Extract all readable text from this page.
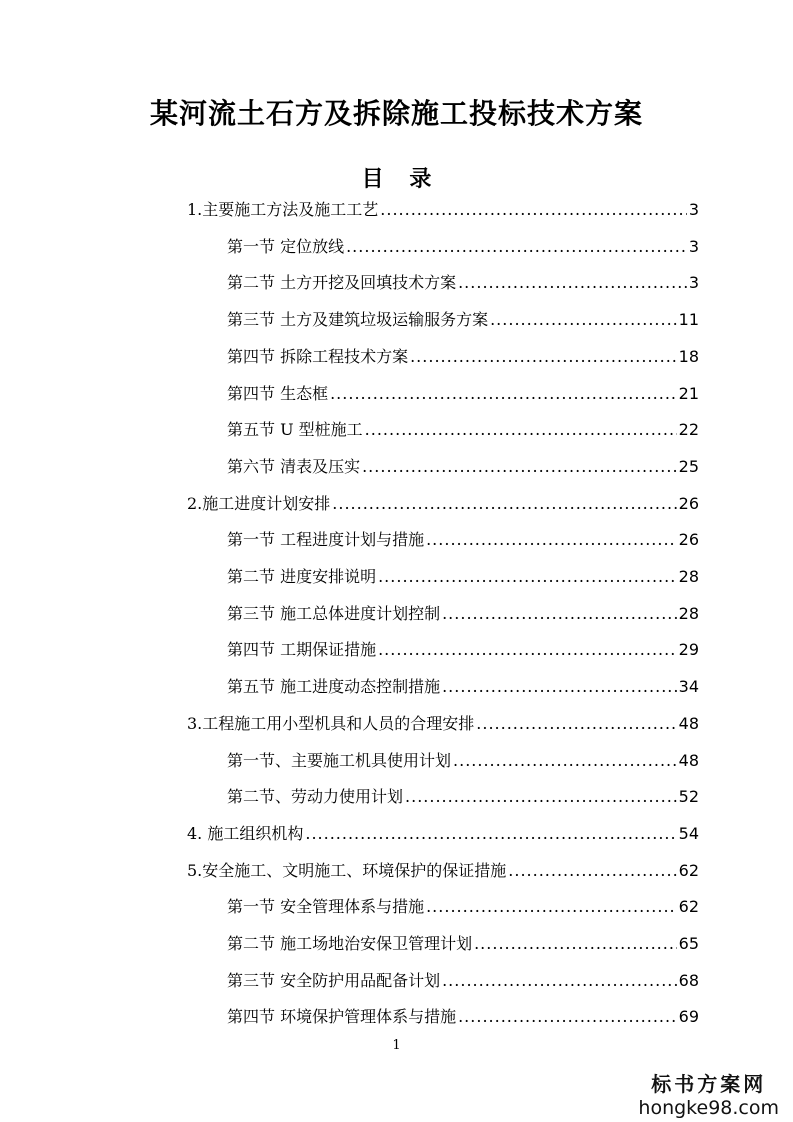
某河流土石方及拆除施工投标技术方案
目 录
1.主要施工方法及施工工艺 .....	3
第一节 定位放线 .....	3
第二节 土方开挖及回填技术方案 .....	3
第三节 土方及建筑垃圾运输服务方案 .....	11
第四节 拆除工程技术方案 .....	18
第四节 生态框 .....	21
第五节 U 型桩施工 .....	22
第六节 清表及压实 .....	25
2.施工进度计划安排 .....	26
第一节 工程进度计划与措施 .....	26
第二节 进度安排说明 .....	28
第三节 施工总体进度计划控制 .....	28
第四节 工期保证措施 .....	29
第五节 施工进度动态控制措施 .....	34
3.工程施工用小型机具和人员的合理安排 .....	48
第一节、主要施工机具使用计划 .....	48
第二节、劳动力使用计划 .....	52
4. 施工组织机构 .....	54
5.安全施工、文明施工、环境保护的保证措施 .....	62
第一节 安全管理体系与措施 .....	62
第二节 施工场地治安保卫管理计划 .....	65
第三节 安全防护用品配备计划 .....	68
第四节 环境保护管理体系与措施 .....	69
1
标书方案网
hongke98.com
